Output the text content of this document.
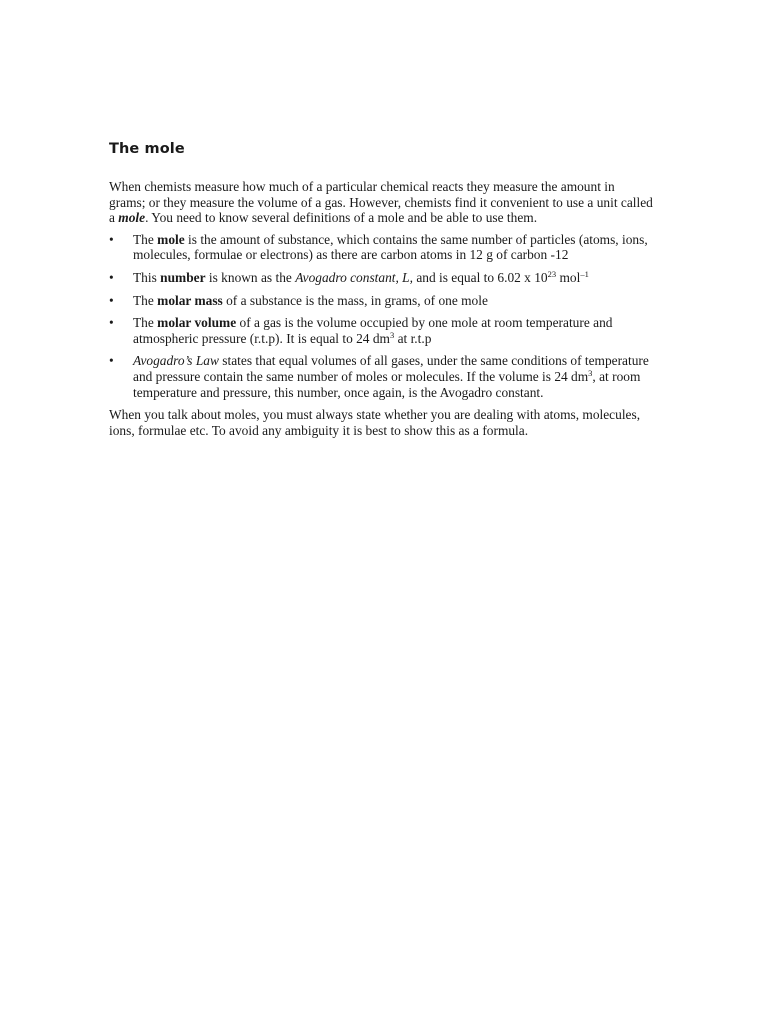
The mole

When chemists measure how much of a particular chemical reacts they measure the amount in grams; or they measure the volume of a gas. However, chemists find it convenient to use a unit called a mole. You need to know several definitions of a mole and be able to use them.

•	The mole is the amount of substance, which contains the same number of particles (atoms, ions, molecules, formulae or electrons) as there are carbon atoms in 12 g of carbon -12
•	This number is known as the Avogadro constant, L, and is equal to 6.02 x $10^{23}$ mol$^{-1}$
•	The molar mass of a substance is the mass, in grams, of one mole
•	The molar volume of a gas is the volume occupied by one mole at room temperature and atmospheric pressure (r.t.p). It is equal to 24 $dm^3$ at r.t.p
•	Avogadro’s Law states that equal volumes of all gases, under the same conditions of temperature and pressure contain the same number of moles or molecules. If the volume is 24 $dm^3$, at room temperature and pressure, this number, once again, is the Avogadro constant.

When you talk about moles, you must always state whether you are dealing with atoms, molecules, ions, formulae etc. To avoid any ambiguity it is best to show this as a formula.
